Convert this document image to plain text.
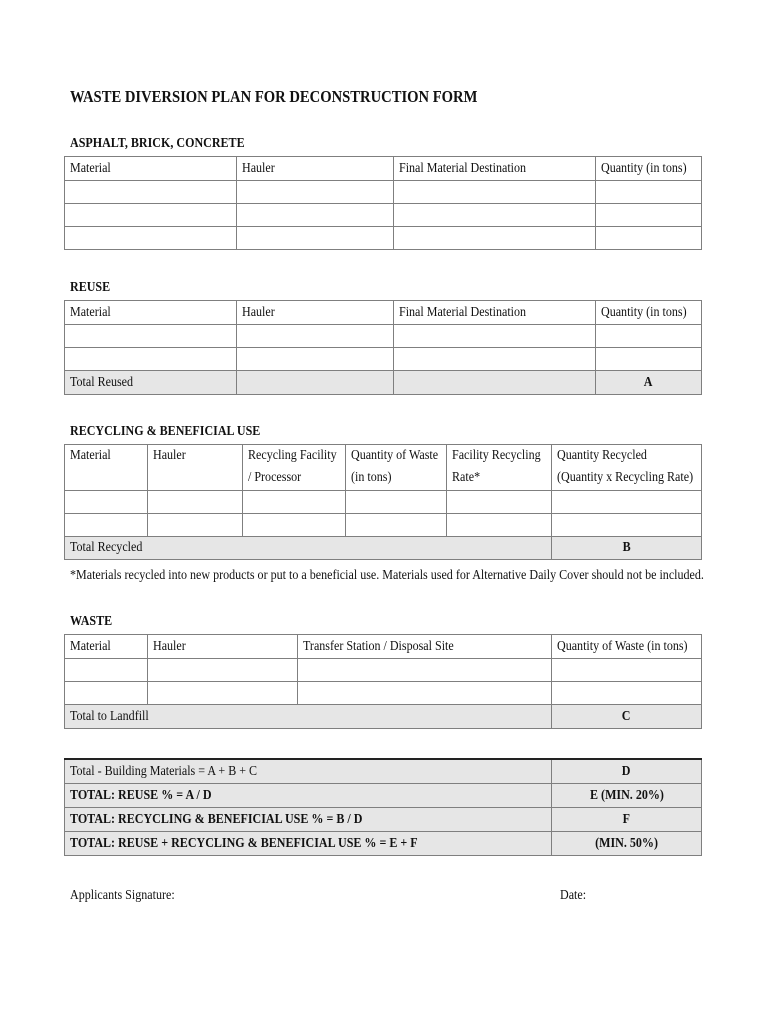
WASTE DIVERSION PLAN FOR DECONSTRUCTION FORM
ASPHALT, BRICK, CONCRETE
Material	Hauler	Final Material Destination	Quantity (in tons)

REUSE
Material	Hauler	Final Material Destination	Quantity (in tons)

Total Reused			A
RECYCLING & BENEFICIAL USE
Material	Hauler	Recycling Facility / Processor	Quantity of Waste (in tons)	Facility Recycling Rate*	Quantity Recycled (Quantity x Recycling Rate)

Total Recycled					B
*Materials recycled into new products or put to a beneficial use. Materials used for Alternative Daily Cover should not be included.
WASTE
Material	Hauler	Transfer Station / Disposal Site	Quantity of Waste (in tons)

Total to Landfill			C
Total - Building Materials = A + B + C	D
TOTAL: REUSE % = A / D	E (MIN. 20%)
TOTAL: RECYCLING & BENEFICIAL USE % = B / D	F
TOTAL: REUSE + RECYCLING & BENEFICIAL USE % = E + F	(MIN. 50%)
Applicants Signature:	Date:
